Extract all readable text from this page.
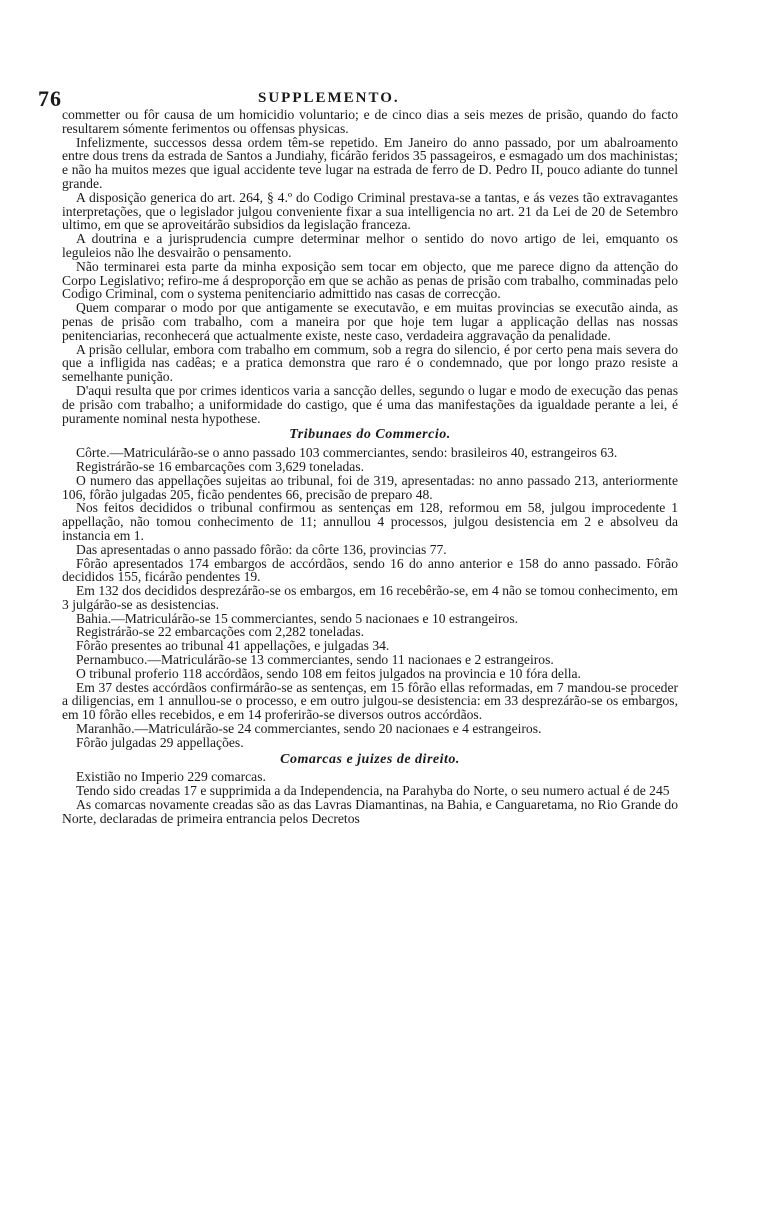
76	SUPPLEMENTO.

commetter ou fôr causa de um homicidio voluntario; e de cinco dias a seis mezes de prisão, quando do facto resultarem sómente ferimentos ou offensas physicas.

Infelizmente, successos dessa ordem têm-se repetido. Em Janeiro do anno passado, por um abalroamento entre dous trens da estrada de Santos a Jundiahy, ficárão feridos 35 passageiros, e esmagado um dos machinistas; e não ha muitos mezes que igual accidente teve lugar na estrada de ferro de D. Pedro II, pouco adiante do tunnel grande.

A disposição generica do art. 264, § 4.º do Codigo Criminal prestava-se a tantas, e ás vezes tão extravagantes interpretações, que o legislador julgou conveniente fixar a sua intelligencia no art. 21 da Lei de 20 de Setembro ultimo, em que se aproveitárão subsidios da legislação franceza.

A doutrina e a jurisprudencia cumpre determinar melhor o sentido do novo artigo de lei, emquanto os leguleios não lhe desvairão o pensamento.

Não terminarei esta parte da minha exposição sem tocar em objecto, que me parece digno da attenção do Corpo Legislativo; refiro-me á desproporção em que se achão as penas de prisão com trabalho, comminadas pelo Codigo Criminal, com o systema penitenciario admittido nas casas de correcção.

Quem comparar o modo por que antigamente se executavão, e em muitas provincias se executão ainda, as penas de prisão com trabalho, com a maneira por que hoje tem lugar a applicação dellas nas nossas penitenciarias, reconhecerá que actualmente existe, neste caso, verdadeira aggravação da penalidade.

A prisão cellular, embora com trabalho em commum, sob a regra do silencio, é por certo pena mais severa do que a infligida nas cadêas; e a pratica demonstra que raro é o condemnado, que por longo prazo resiste a semelhante punição.

D'aqui resulta que por crimes identicos varia a sancção delles, segundo o lugar e modo de execução das penas de prisão com trabalho; a uniformidade do castigo, que é uma das manifestações da igualdade perante a lei, é puramente nominal nesta hypothese.

Tribunaes do Commercio.

Côrte.—Matriculárão-se o anno passado 103 commerciantes, sendo: brasileiros 40, estrangeiros 63.

Registrárão-se 16 embarcações com 3,629 toneladas.

O numero das appellações sujeitas ao tribunal, foi de 319, apresentadas: no anno passado 213, anteriormente 106, fôrão julgadas 205, ficão pendentes 66, precisão de preparo 48.

Nos feitos decididos o tribunal confirmou as sentenças em 128, reformou em 58, julgou improcedente 1 appellação, não tomou conhecimento de 11; annullou 4 processos, julgou desistencia em 2 e absolveu da instancia em 1.

Das apresentadas o anno passado fôrão: da côrte 136, provincias 77.

Fôrão apresentados 174 embargos de accórdãos, sendo 16 do anno anterior e 158 do anno passado. Fôrão decididos 155, ficárão pendentes 19.

Em 132 dos decididos desprezárão-se os embargos, em 16 recebêrão-se, em 4 não se tomou conhecimento, em 3 julgárão-se as desistencias.

Bahia.—Matriculárão-se 15 commerciantes, sendo 5 nacionaes e 10 estrangeiros.

Registrárão-se 22 embarcações com 2,282 toneladas.

Fôrão presentes ao tribunal 41 appellações, e julgadas 34.

Pernambuco.—Matriculárão-se 13 commerciantes, sendo 11 nacionaes e 2 estrangeiros.

O tribunal proferio 118 accórdãos, sendo 108 em feitos julgados na provincia e 10 fóra della.

Em 37 destes accórdãos confirmárão-se as sentenças, em 15 fôrão ellas reformadas, em 7 mandou-se proceder a diligencias, em 1 annullou-se o processo, e em outro julgou-se desistencia: em 33 desprezárão-se os embargos, em 10 fôrão elles recebidos, e em 14 proferirão-se diversos outros accórdãos.

Maranhão.—Matriculárão-se 24 commerciantes, sendo 20 nacionaes e 4 estrangeiros.

Fôrão julgadas 29 appellações.

Comarcas e juizes de direito.

Existião no Imperio 229 comarcas.

Tendo sido creadas 17 e supprimida a da Independencia, na Parahyba do Norte, o seu numero actual é de 245

As comarcas novamente creadas são as das Lavras Diamantinas, na Bahia, e Canguaretama, no Rio Grande do Norte, declaradas de primeira entrancia pelos Decretos
